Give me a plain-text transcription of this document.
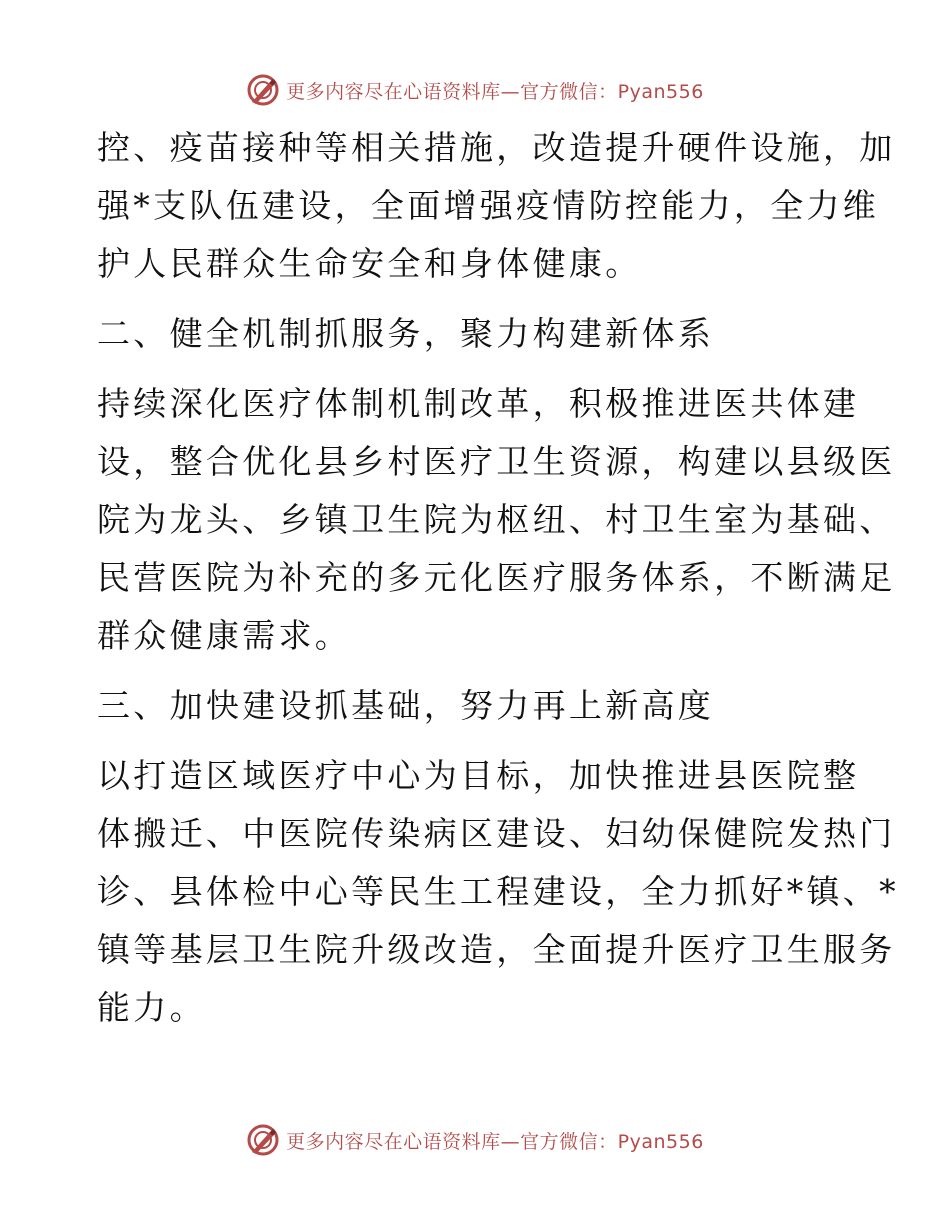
更多内容尽在心语资料库—官方微信：Pyan556
控、疫苗接种等相关措施，改造提升硬件设施，加
强*支队伍建设，全面增强疫情防控能力，全力维
护人民群众生命安全和身体健康。
二、健全机制抓服务，聚力构建新体系
持续深化医疗体制机制改革，积极推进医共体建
设，整合优化县乡村医疗卫生资源，构建以县级医
院为龙头、乡镇卫生院为枢纽、村卫生室为基础、
民营医院为补充的多元化医疗服务体系，不断满足
群众健康需求。
三、加快建设抓基础，努力再上新高度
以打造区域医疗中心为目标，加快推进县医院整
体搬迁、中医院传染病区建设、妇幼保健院发热门
诊、县体检中心等民生工程建设，全力抓好*镇、*
镇等基层卫生院升级改造，全面提升医疗卫生服务
能力。
更多内容尽在心语资料库—官方微信：Pyan556
